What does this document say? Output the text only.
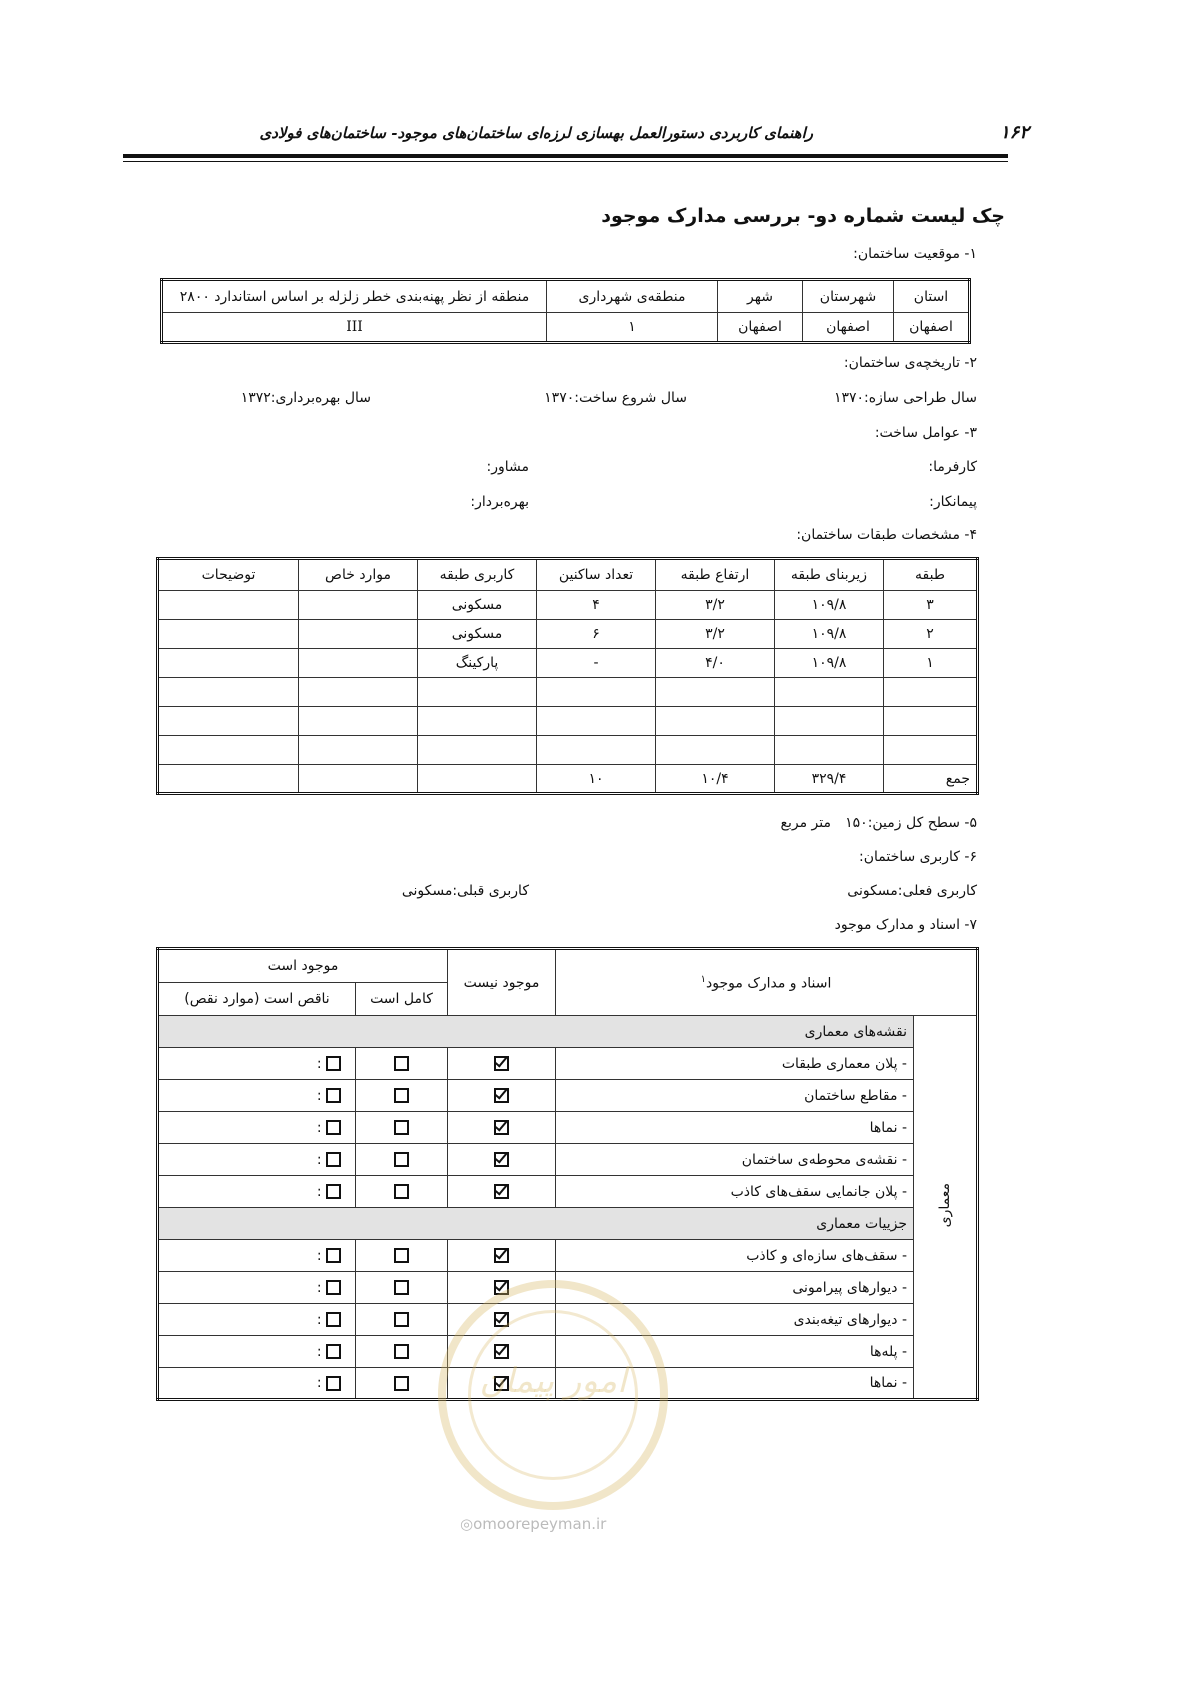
۱۶۲
راهنمای کاربردی دستورالعمل بهسازی لرزه‌ای ساختمان‌های موجود- ساختمان‌های فولادی
چک لیست شماره دو- بررسی مدارک موجود
۱- موقعیت ساختمان:
استان	شهرستان	شهر	منطقه‌ی شهرداری	منطقه از نظر پهنه‌بندی خطر زلزله بر اساس استاندارد ۲۸۰۰
اصفهان	اصفهان	اصفهان	۱	III
۲- تاریخچه‌ی ساختمان:
سال طراحی سازه:۱۳۷۰
سال شروع ساخت:۱۳۷۰
سال بهره‌برداری:۱۳۷۲
۳- عوامل ساخت:
کارفرما:
مشاور:
پیمانکار:
بهره‌بردار:
۴- مشخصات طبقات ساختمان:
طبقه	زیربنای طبقه	ارتفاع طبقه	تعداد ساکنین	کاربری طبقه	موارد خاص	توضیحات
۳	۱۰۹/۸	۳/۲	۴	مسکونی		
۲	۱۰۹/۸	۳/۲	۶	مسکونی		
۱	۱۰۹/۸	۴/۰	-	پارکینگ		

جمع	۳۲۹/۴	۱۰/۴	۱۰			
۵- سطح کل زمین:۱۵۰
متر مربع
۶- کاربری ساختمان:
کاربری فعلی:مسکونی
کاربری قبلی:مسکونی
۷- اسناد و مدارک موجود
اسناد و مدارک موجود$^۱$		موجود نیست	موجود است	
			کامل است	ناقص است (موارد نقص)
معماری	نقشه‌های معماری			
	- پلان معماری طبقات			:
	- مقاطع ساختمان			:
	- نماها			:
	- نقشه‌ی محوطه‌ی ساختمان			:
	- پلان جانمایی سقف‌های کاذب			:
	جزییات معماری			
	- سقف‌های سازه‌ای و کاذب			:
	- دیوارهای پیرامونی			:
	- دیوارهای تیغه‌بندی			:
	- پله‌ها			:
	- نماها			:	امور پیمان
◎omoorepeyman.ir
